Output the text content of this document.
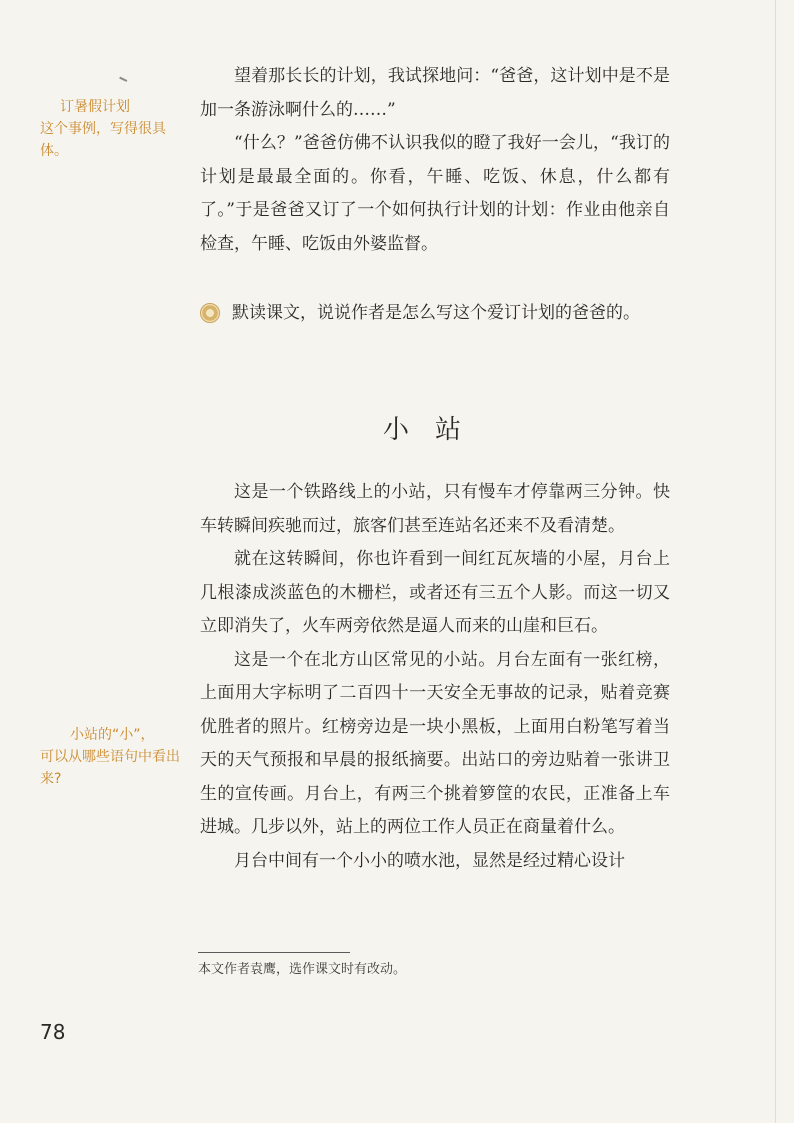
订暑假计划
这个事例，写得很具体。

望着那长长的计划，我试探地问：“爸爸，这计划中是不是加一条游泳啊什么的……”

“什么？”爸爸仿佛不认识我似的瞪了我好一会儿，“我订的计划是最最全面的。你看，午睡、吃饭、休息，什么都有了。”于是爸爸又订了一个如何执行计划的计划：作业由他亲自检查，午睡、吃饭由外婆监督。

默读课文，说说作者是怎么写这个爱订计划的爸爸的。
小站
小站的“小”，
可以从哪些语句中看出来?

这是一个铁路线上的小站，只有慢车才停靠两三分钟。快车转瞬间疾驰而过，旅客们甚至连站名还来不及看清楚。

就在这转瞬间，你也许看到一间红瓦灰墙的小屋，月台上几根漆成淡蓝色的木栅栏，或者还有三五个人影。而这一切又立即消失了，火车两旁依然是逼人而来的山崖和巨石。

这是一个在北方山区常见的小站。月台左面有一张红榜，上面用大字标明了二百四十一天安全无事故的记录，贴着竞赛优胜者的照片。红榜旁边是一块小黑板，上面用白粉笔写着当天的天气预报和早晨的报纸摘要。出站口的旁边贴着一张讲卫生的宣传画。月台上，有两三个挑着箩筐的农民，正准备上车进城。几步以外，站上的两位工作人员正在商量着什么。

月台中间有一个小小的喷水池，显然是经过精心设计

本文作者袁鹰，选作课文时有改动。
78
